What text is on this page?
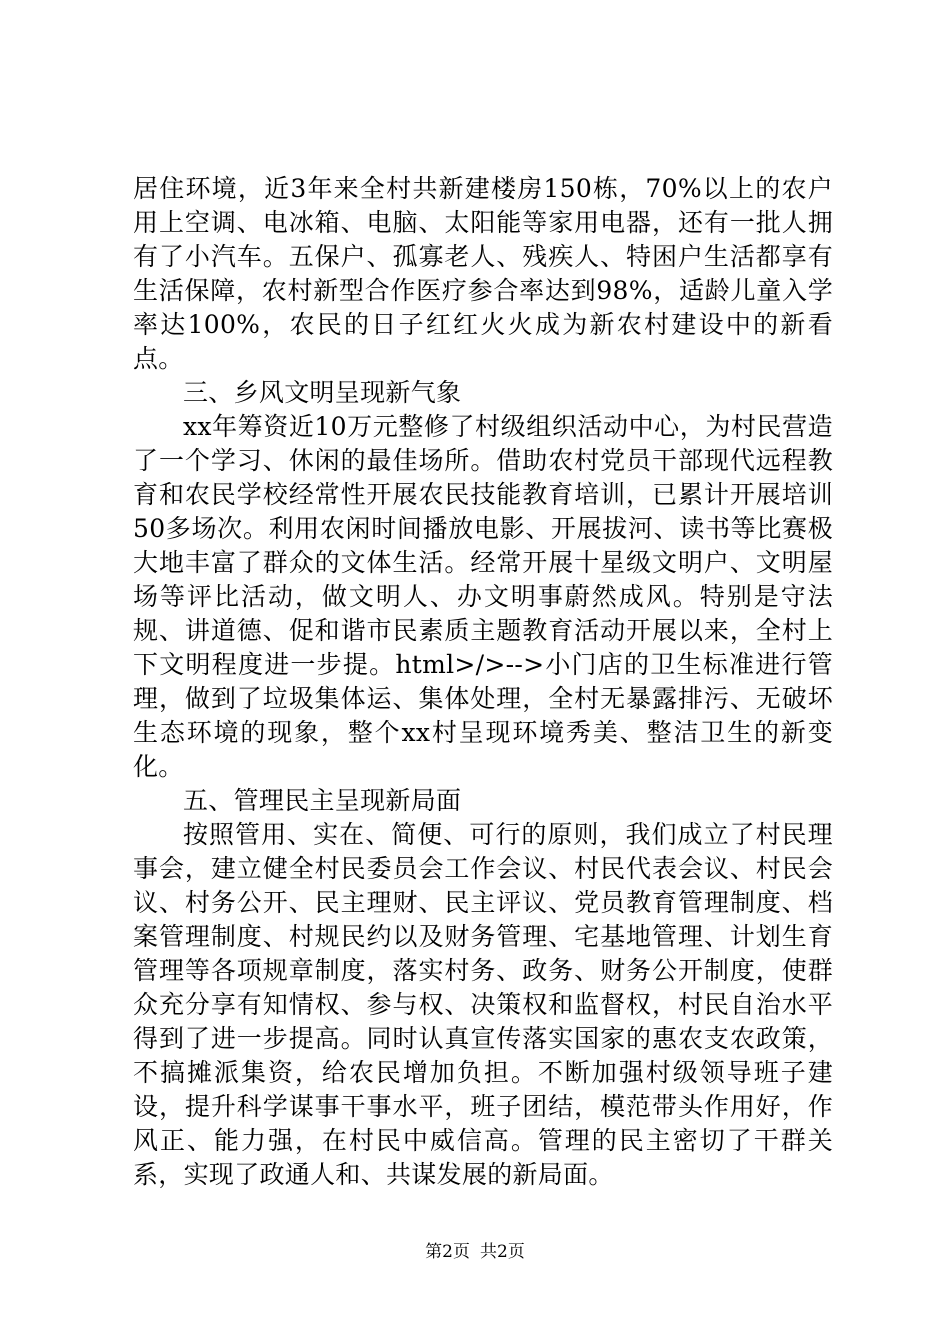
居住环境，近3年来全村共新建楼房150栋，70%以上的农户用上空调、电冰箱、电脑、太阳能等家用电器，还有一批人拥有了小汽车。五保户、孤寡老人、残疾人、特困户生活都享有生活保障，农村新型合作医疗参合率达到98%，适龄儿童入学率达100%，农民的日子红红火火成为新农村建设中的新看点。

三、乡风文明呈现新气象

xx年筹资近10万元整修了村级组织活动中心，为村民营造了一个学习、休闲的最佳场所。借助农村党员干部现代远程教育和农民学校经常性开展农民技能教育培训，已累计开展培训50多场次。利用农闲时间播放电影、开展拔河、读书等比赛极大地丰富了群众的文体生活。经常开展十星级文明户、文明屋场等评比活动，做文明人、办文明事蔚然成风。特别是守法规、讲道德、促和谐市民素质主题教育活动开展以来，全村上下文明程度进一步提。html>/>-->小门店的卫生标准进行管理，做到了垃圾集体运、集体处理，全村无暴露排污、无破坏生态环境的现象，整个xx村呈现环境秀美、整洁卫生的新变化。

五、管理民主呈现新局面

按照管用、实在、简便、可行的原则，我们成立了村民理事会，建立健全村民委员会工作会议、村民代表会议、村民会议、村务公开、民主理财、民主评议、党员教育管理制度、档案管理制度、村规民约以及财务管理、宅基地管理、计划生育管理等各项规章制度，落实村务、政务、财务公开制度，使群众充分享有知情权、参与权、决策权和监督权，村民自治水平得到了进一步提高。同时认真宣传落实国家的惠农支农政策，不搞摊派集资，给农民增加负担。不断加强村级领导班子建设，提升科学谋事干事水平，班子团结，模范带头作用好，作风正、能力强，在村民中威信高。管理的民主密切了干群关系，实现了政通人和、共谋发展的新局面。

第2页 共2页
